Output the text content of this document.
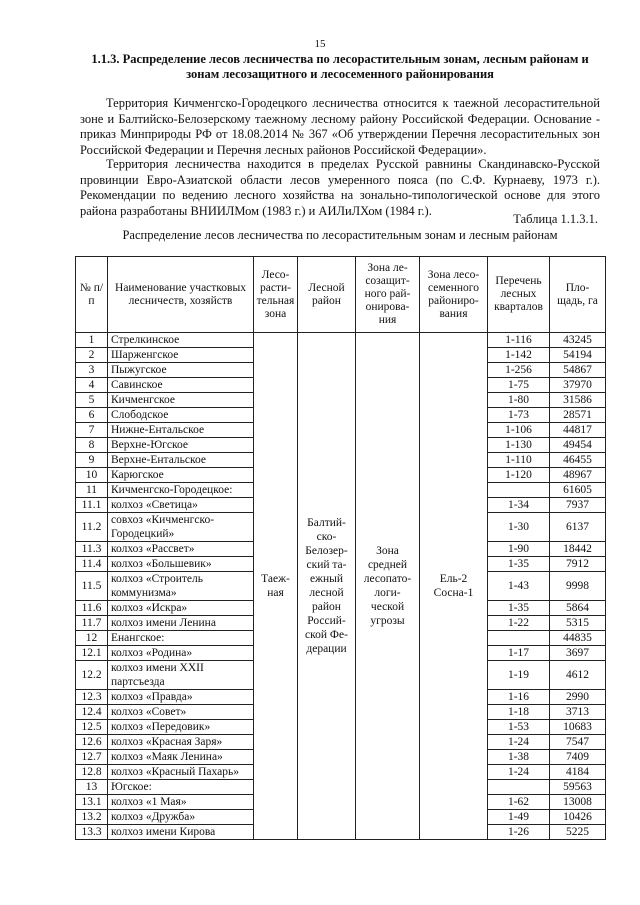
15
1.1.3. Распределение лесов лесничества по лесорастительным зонам, лесным районам и
зонам лесозащитного и лесосеменного районирования

Территория Кичменгско-Городецкого лесничества относится к таежной лесорастительной зоне и Балтийско-Белозерскому таежному лесному району Российской Федерации. Основание - приказ Минприроды РФ от 18.08.2014 № 367 «Об утверждении Перечня лесорастительных зон Российской Федерации и Перечня лесных районов Российской Федерации».

Территория лесничества находится в пределах Русской равнины Скандинавско-Русской провинции Евро-Азиатской области лесов умеренного пояса (по С.Ф. Курнаеву, 1973 г.). Рекомендации по ведению лесного хозяйства на зонально-типологической основе для этого района разработаны ВНИИЛМом (1983 г.) и АИЛиЛХом (1984 г.).

Таблица 1.1.3.1.
Распределение лесов лесничества по лесорастительным зонам и лесным районам
№ п/п	Наименование участковых лесничеств, хозяйств	Лесо-расти-тельная зона	Лесной район	Зона ле-созащит-ного рай-онирова-ния	Зона лесо-семенного райониро-вания	Перечень лесных кварталов	Пло-щадь, га
1	Стрелкинское	Таеж-ная	Балтий-ско-Белозер-ский та-ежный лесной район Россий-ской Фе-дерации	Зона средней лесопато-логи-ческой угрозы	Ель-2 Сосна-1	1-116	43245
2	Шарженгское					1-142	54194
3	Пыжугское					1-256	54867
4	Савинское					1-75	37970
5	Кичменгское					1-80	31586
6	Слободское					1-73	28571
7	Нижне-Ентальское					1-106	44817
8	Верхне-Югское					1-130	49454
9	Верхне-Ентальское					1-110	46455
10	Карюгское					1-120	48967
11	Кичменгско-Городецкое:						61605
11.1	колхоз «Светица»					1-34	7937
11.2	совхоз «Кичменгско-Городецкий»					1-30	6137
11.3	колхоз «Рассвет»					1-90	18442
11.4	колхоз «Большевик»					1-35	7912
11.5	колхоз «Строитель коммунизма»					1-43	9998
11.6	колхоз «Искра»					1-35	5864
11.7	колхоз имени Ленина					1-22	5315
12	Енангское:						44835
12.1	колхоз «Родина»					1-17	3697
12.2	колхоз имени XXII партсъезда					1-19	4612
12.3	колхоз «Правда»					1-16	2990
12.4	колхоз «Совет»					1-18	3713
12.5	колхоз «Передовик»					1-53	10683
12.6	колхоз «Красная Заря»					1-24	7547
12.7	колхоз «Маяк Ленина»					1-38	7409
12.8	колхоз «Красный Пахарь»					1-24	4184
13	Югское:						59563
13.1	колхоз «1 Мая»					1-62	13008
13.2	колхоз «Дружба»					1-49	10426
13.3	колхоз имени Кирова					1-26	5225
